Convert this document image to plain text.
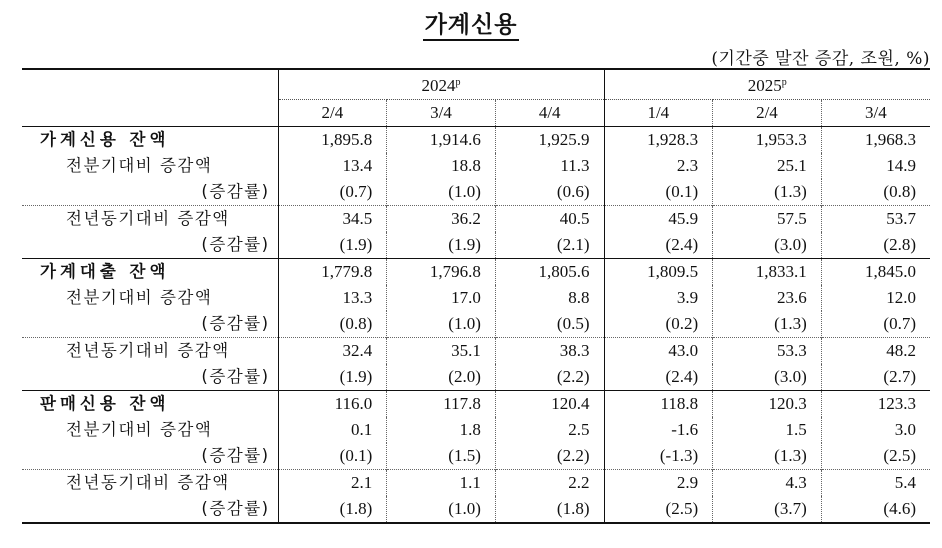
가계신용
(기간중 말잔 증감, 조원, %)
	2024$^p$			2025$^p$
	2/4	3/4	4/4	1/4	2/4	3/4
가계신용 잔액	1,895.8	1,914.6	1,925.9	1,928.3	1,953.3	1,968.3
전분기대비 증감액	13.4	18.8	11.3	2.3	25.1	14.9
(증감률)	(0.7)	(1.0)	(0.6)	(0.1)	(1.3)	(0.8)
전년동기대비 증감액	34.5	36.2	40.5	45.9	57.5	53.7
(증감률)	(1.9)	(1.9)	(2.1)	(2.4)	(3.0)	(2.8)
가계대출 잔액	1,779.8	1,796.8	1,805.6	1,809.5	1,833.1	1,845.0
전분기대비 증감액	13.3	17.0	8.8	3.9	23.6	12.0
(증감률)	(0.8)	(1.0)	(0.5)	(0.2)	(1.3)	(0.7)
전년동기대비 증감액	32.4	35.1	38.3	43.0	53.3	48.2
(증감률)	(1.9)	(2.0)	(2.2)	(2.4)	(3.0)	(2.7)
판매신용 잔액	116.0	117.8	120.4	118.8	120.3	123.3
전분기대비 증감액	0.1	1.8	2.5	-1.6	1.5	3.0
(증감률)	(0.1)	(1.5)	(2.2)	(-1.3)	(1.3)	(2.5)
전년동기대비 증감액	2.1	1.1	2.2	2.9	4.3	5.4
(증감률)	(1.8)	(1.0)	(1.8)	(2.5)	(3.7)	(4.6)
